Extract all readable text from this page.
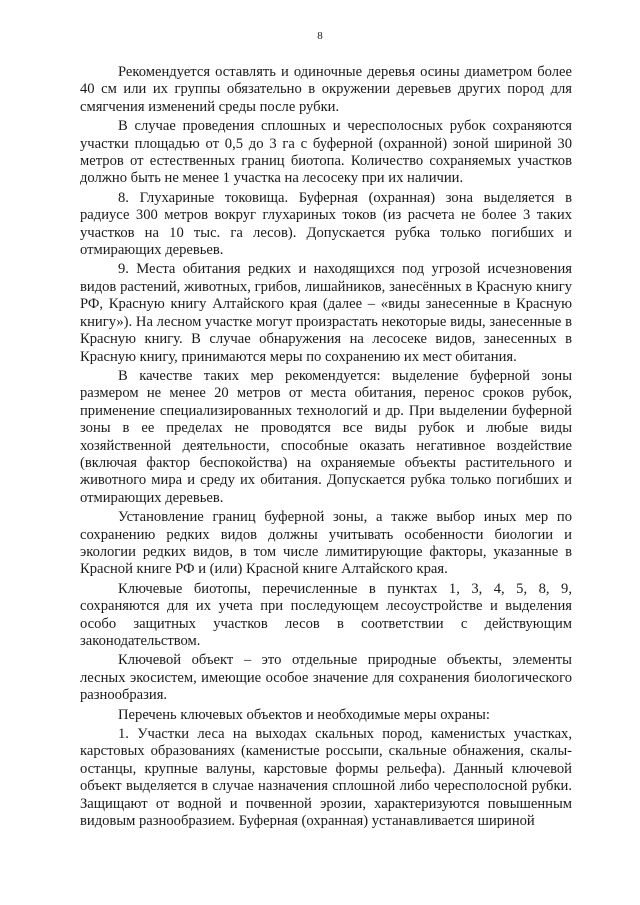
8

Рекомендуется оставлять и одиночные деревья осины диаметром более 40 см или их группы обязательно в окружении деревьев других пород для смягчения изменений среды после рубки.

В случае проведения сплошных и чересполосных рубок сохраняются участки площадью от 0,5 до 3 га с буферной (охранной) зоной шириной 30 метров от естественных границ биотопа. Количество сохраняемых участков должно быть не менее 1 участка на лесосеку при их наличии.

8. Глухариные токовища. Буферная (охранная) зона выделяется в радиусе 300 метров вокруг глухариных токов (из расчета не более 3 таких участков на 10 тыс. га лесов). Допускается рубка только погибших и отмирающих деревьев.

9. Места обитания редких и находящихся под угрозой исчезновения видов растений, животных, грибов, лишайников, занесённых в Красную книгу РФ, Красную книгу Алтайского края (далее – «виды занесенные в Красную книгу»). На лесном участке могут произрастать некоторые виды, занесенные в Красную книгу. В случае обнаружения на лесосеке видов, занесенных в Красную книгу, принимаются меры по сохранению их мест обитания.

В качестве таких мер рекомендуется: выделение буферной зоны размером не менее 20 метров от места обитания, перенос сроков рубок, применение специализированных технологий и др. При выделении буферной зоны в ее пределах не проводятся все виды рубок и любые виды хозяйственной деятельности, способные оказать негативное воздействие (включая фактор беспокойства) на охраняемые объекты растительного и животного мира и среду их обитания. Допускается рубка только погибших и отмирающих деревьев.

Установление границ буферной зоны, а также выбор иных мер по сохранению редких видов должны учитывать особенности биологии и экологии редких видов, в том числе лимитирующие факторы, указанные в Красной книге РФ и (или) Красной книге Алтайского края.

Ключевые биотопы, перечисленные в пунктах 1, 3, 4, 5, 8, 9, сохраняются для их учета при последующем лесоустройстве и выделения особо защитных участков лесов в соответствии с действующим законодательством.

Ключевой объект – это отдельные природные объекты, элементы лесных экосистем, имеющие особое значение для сохранения биологического разнообразия.

Перечень ключевых объектов и необходимые меры охраны:

1. Участки леса на выходах скальных пород, каменистых участках, карстовых образованиях (каменистые россыпи, скальные обнажения, скалы-останцы, крупные валуны, карстовые формы рельефа). Данный ключевой объект выделяется в случае назначения сплошной либо чересполосной рубки. Защищают от водной и почвенной эрозии, характеризуются повышенным видовым разнообразием. Буферная (охранная) устанавливается шириной
